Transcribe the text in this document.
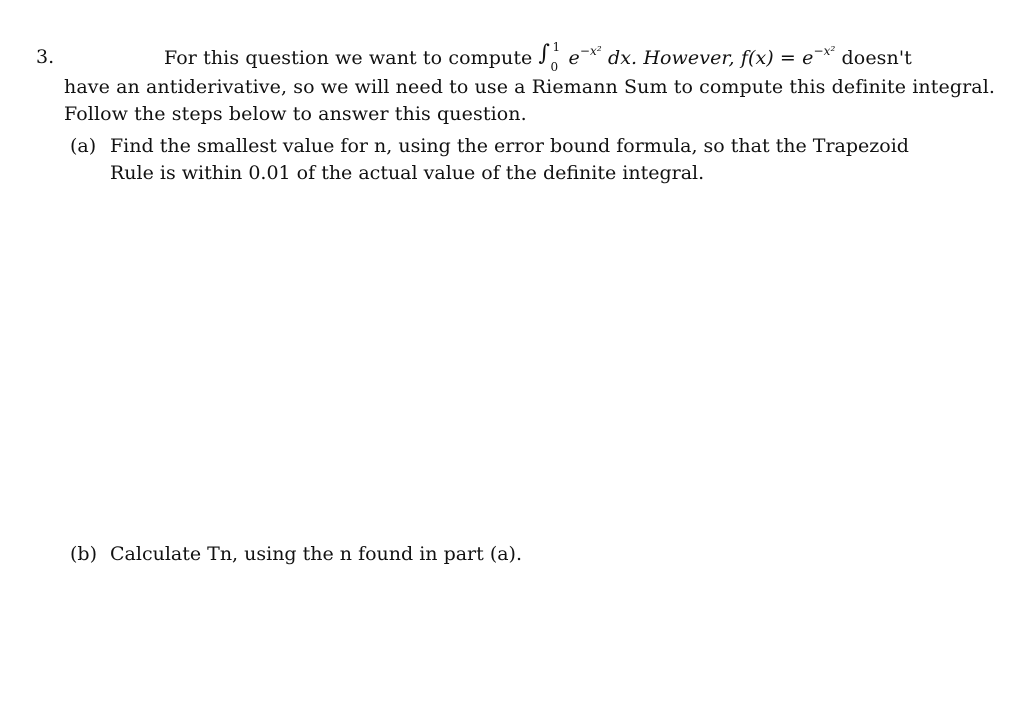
3.	For this question we want to compute ∫ 1
0 $e^{-x^2}$ dx. However, $f(x) = e^{-x^2}$ doesn't
have an antiderivative, so we will need to use a Riemann Sum to compute this definite integral.
Follow the steps below to answer this question.
(a) Find the smallest value for n, using the error bound formula, so that the Trapezoid Rule is within 0.01 of the actual value of the definite integral.
(b) Calculate Tn, using the n found in part (a).
